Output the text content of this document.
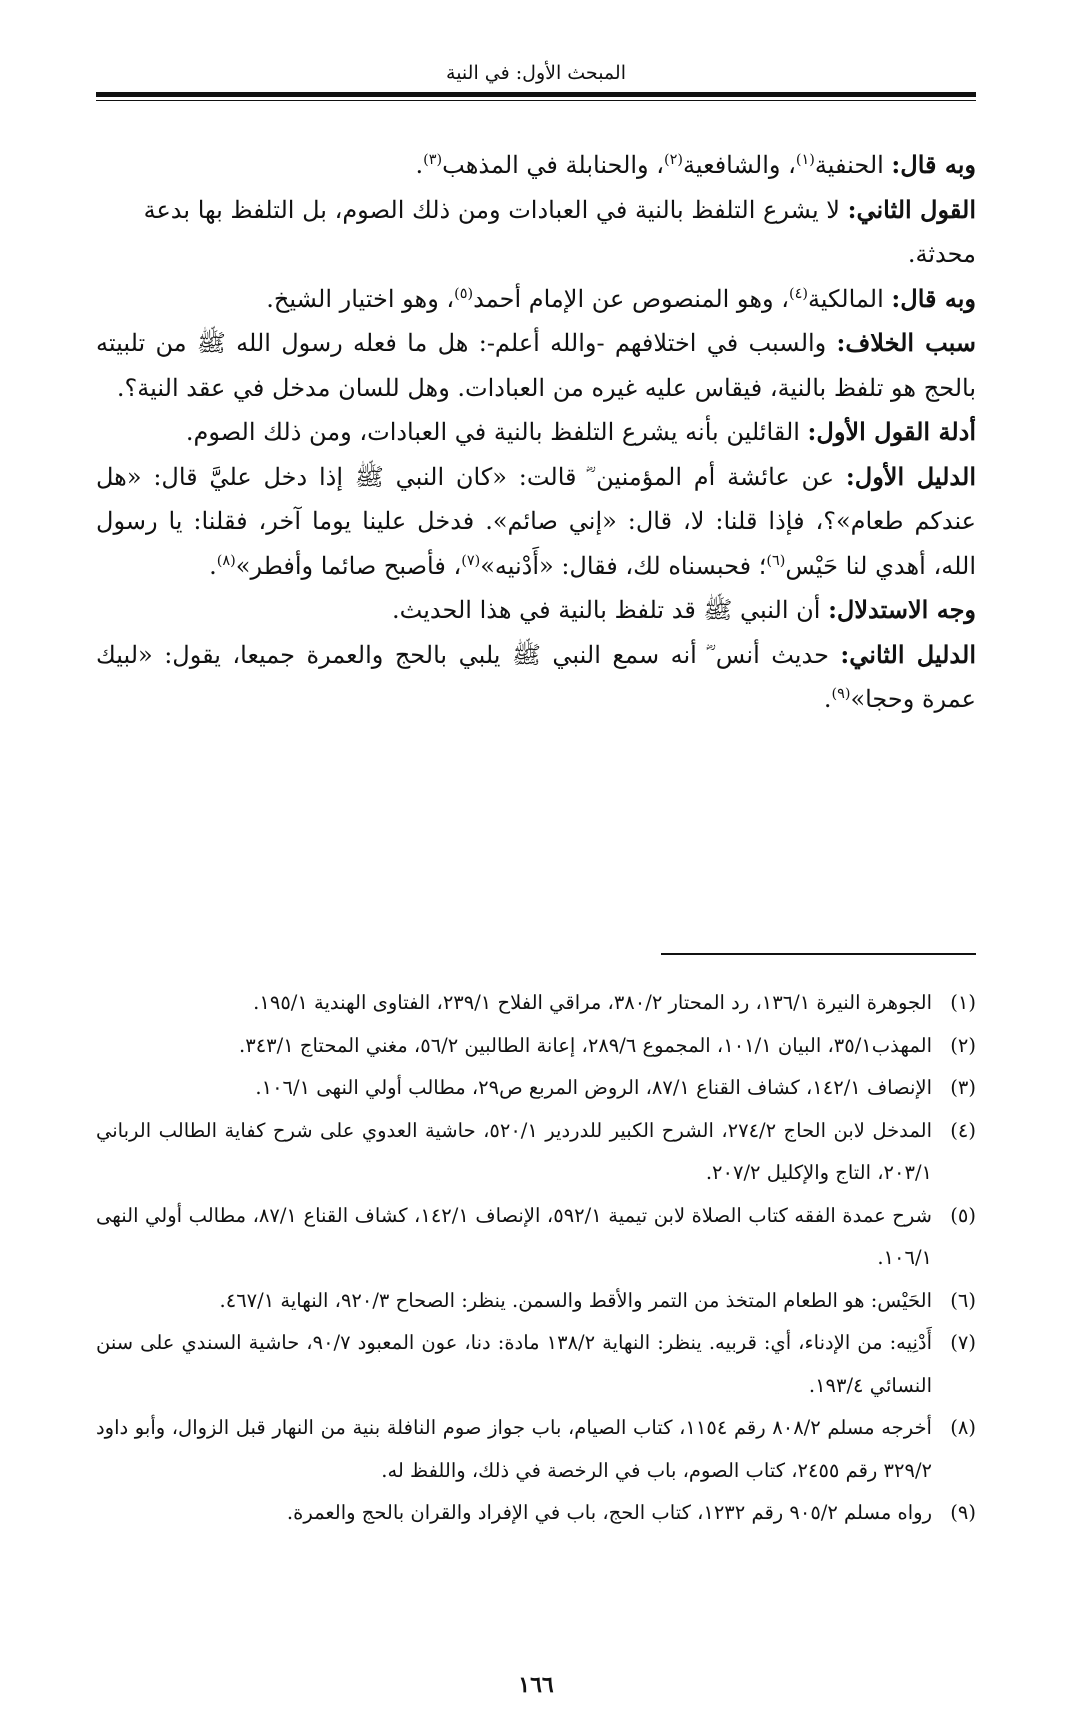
المبحث الأول: في النية

وبه قال: الحنفية$^{(١)}$، والشافعية$^{(٢)}$، والحنابلة في المذهب$^{(٣)}$.

القول الثاني: لا يشرع التلفظ بالنية في العبادات ومن ذلك الصوم، بل التلفظ بها بدعة محدثة.

وبه قال: المالكية$^{(٤)}$، وهو المنصوص عن الإمام أحمد$^{(٥)}$، وهو اختيار الشيخ.

سبب الخلاف: والسبب في اختلافهم -والله أعلم-: هل ما فعله رسول الله ﷺ من تلبيته بالحج هو تلفظ بالنية، فيقاس عليه غيره من العبادات. وهل للسان مدخل في عقد النية؟.

أدلة القول الأول: القائلين بأنه يشرع التلفظ بالنية في العبادات، ومن ذلك الصوم.

الدليل الأول: عن عائشة أم المؤمنين ؓ قالت: «كان النبي ﷺ إذا دخل عليَّ قال: «هل عندكم طعام»؟، فإذا قلنا: لا، قال: «إني صائم». فدخل علينا يوما آخر، فقلنا: يا رسول الله، أهدي لنا حَيْس$^{(٦)}$؛ فحبسناه لك، فقال: «أَدْنيه»$^{(٧)}$، فأصبح صائما وأفطر»$^{(٨)}$.

وجه الاستدلال: أن النبي ﷺ قد تلفظ بالنية في هذا الحديث.

الدليل الثاني: حديث أنس ؓ أنه سمع النبي ﷺ يلبي بالحج والعمرة جميعا، يقول: «لبيك عمرة وحجا»$^{(٩)}$.

(١)
الجوهرة النيرة ١٣٦/١، رد المحتار ٣٨٠/٢، مراقي الفلاح ٢٣٩/١، الفتاوى الهندية ١٩٥/١.
(٢)
المهذب٣٥/١، البيان ١٠١/١، المجموع ٢٨٩/٦، إعانة الطالبين ٥٦/٢، مغني المحتاج ٣٤٣/١.
(٣)
الإنصاف ١٤٢/١، كشاف القناع ٨٧/١، الروض المربع ص٢٩، مطالب أولي النهى ١٠٦/١.
(٤)
المدخل لابن الحاج ٢٧٤/٢، الشرح الكبير للدردير ٥٢٠/١، حاشية العدوي على شرح كفاية الطالب الرباني ٢٠٣/١، التاج والإكليل ٢٠٧/٢.
(٥)
شرح عمدة الفقه كتاب الصلاة لابن تيمية ٥٩٢/١، الإنصاف ١٤٢/١، كشاف القناع ٨٧/١، مطالب أولي النهى ١٠٦/١.
(٦)
الحَيْس: هو الطعام المتخذ من التمر والأقط والسمن. ينظر: الصحاح ٩٢٠/٣، النهاية ٤٦٧/١.
(٧)
أَدْنِيه: من الإدناء، أي: قربيه. ينظر: النهاية ١٣٨/٢ مادة: دنا، عون المعبود ٩٠/٧، حاشية السندي على سنن النسائي ١٩٣/٤.
(٨)
أخرجه مسلم ٨٠٨/٢ رقم ١١٥٤، كتاب الصيام، باب جواز صوم النافلة بنية من النهار قبل الزوال، وأبو داود ٣٢٩/٢ رقم ٢٤٥٥، كتاب الصوم، باب في الرخصة في ذلك، واللفظ له.
(٩)
رواه مسلم ٩٠٥/٢ رقم ١٢٣٢، كتاب الحج، باب في الإفراد والقران بالحج والعمرة.
١٦٦
